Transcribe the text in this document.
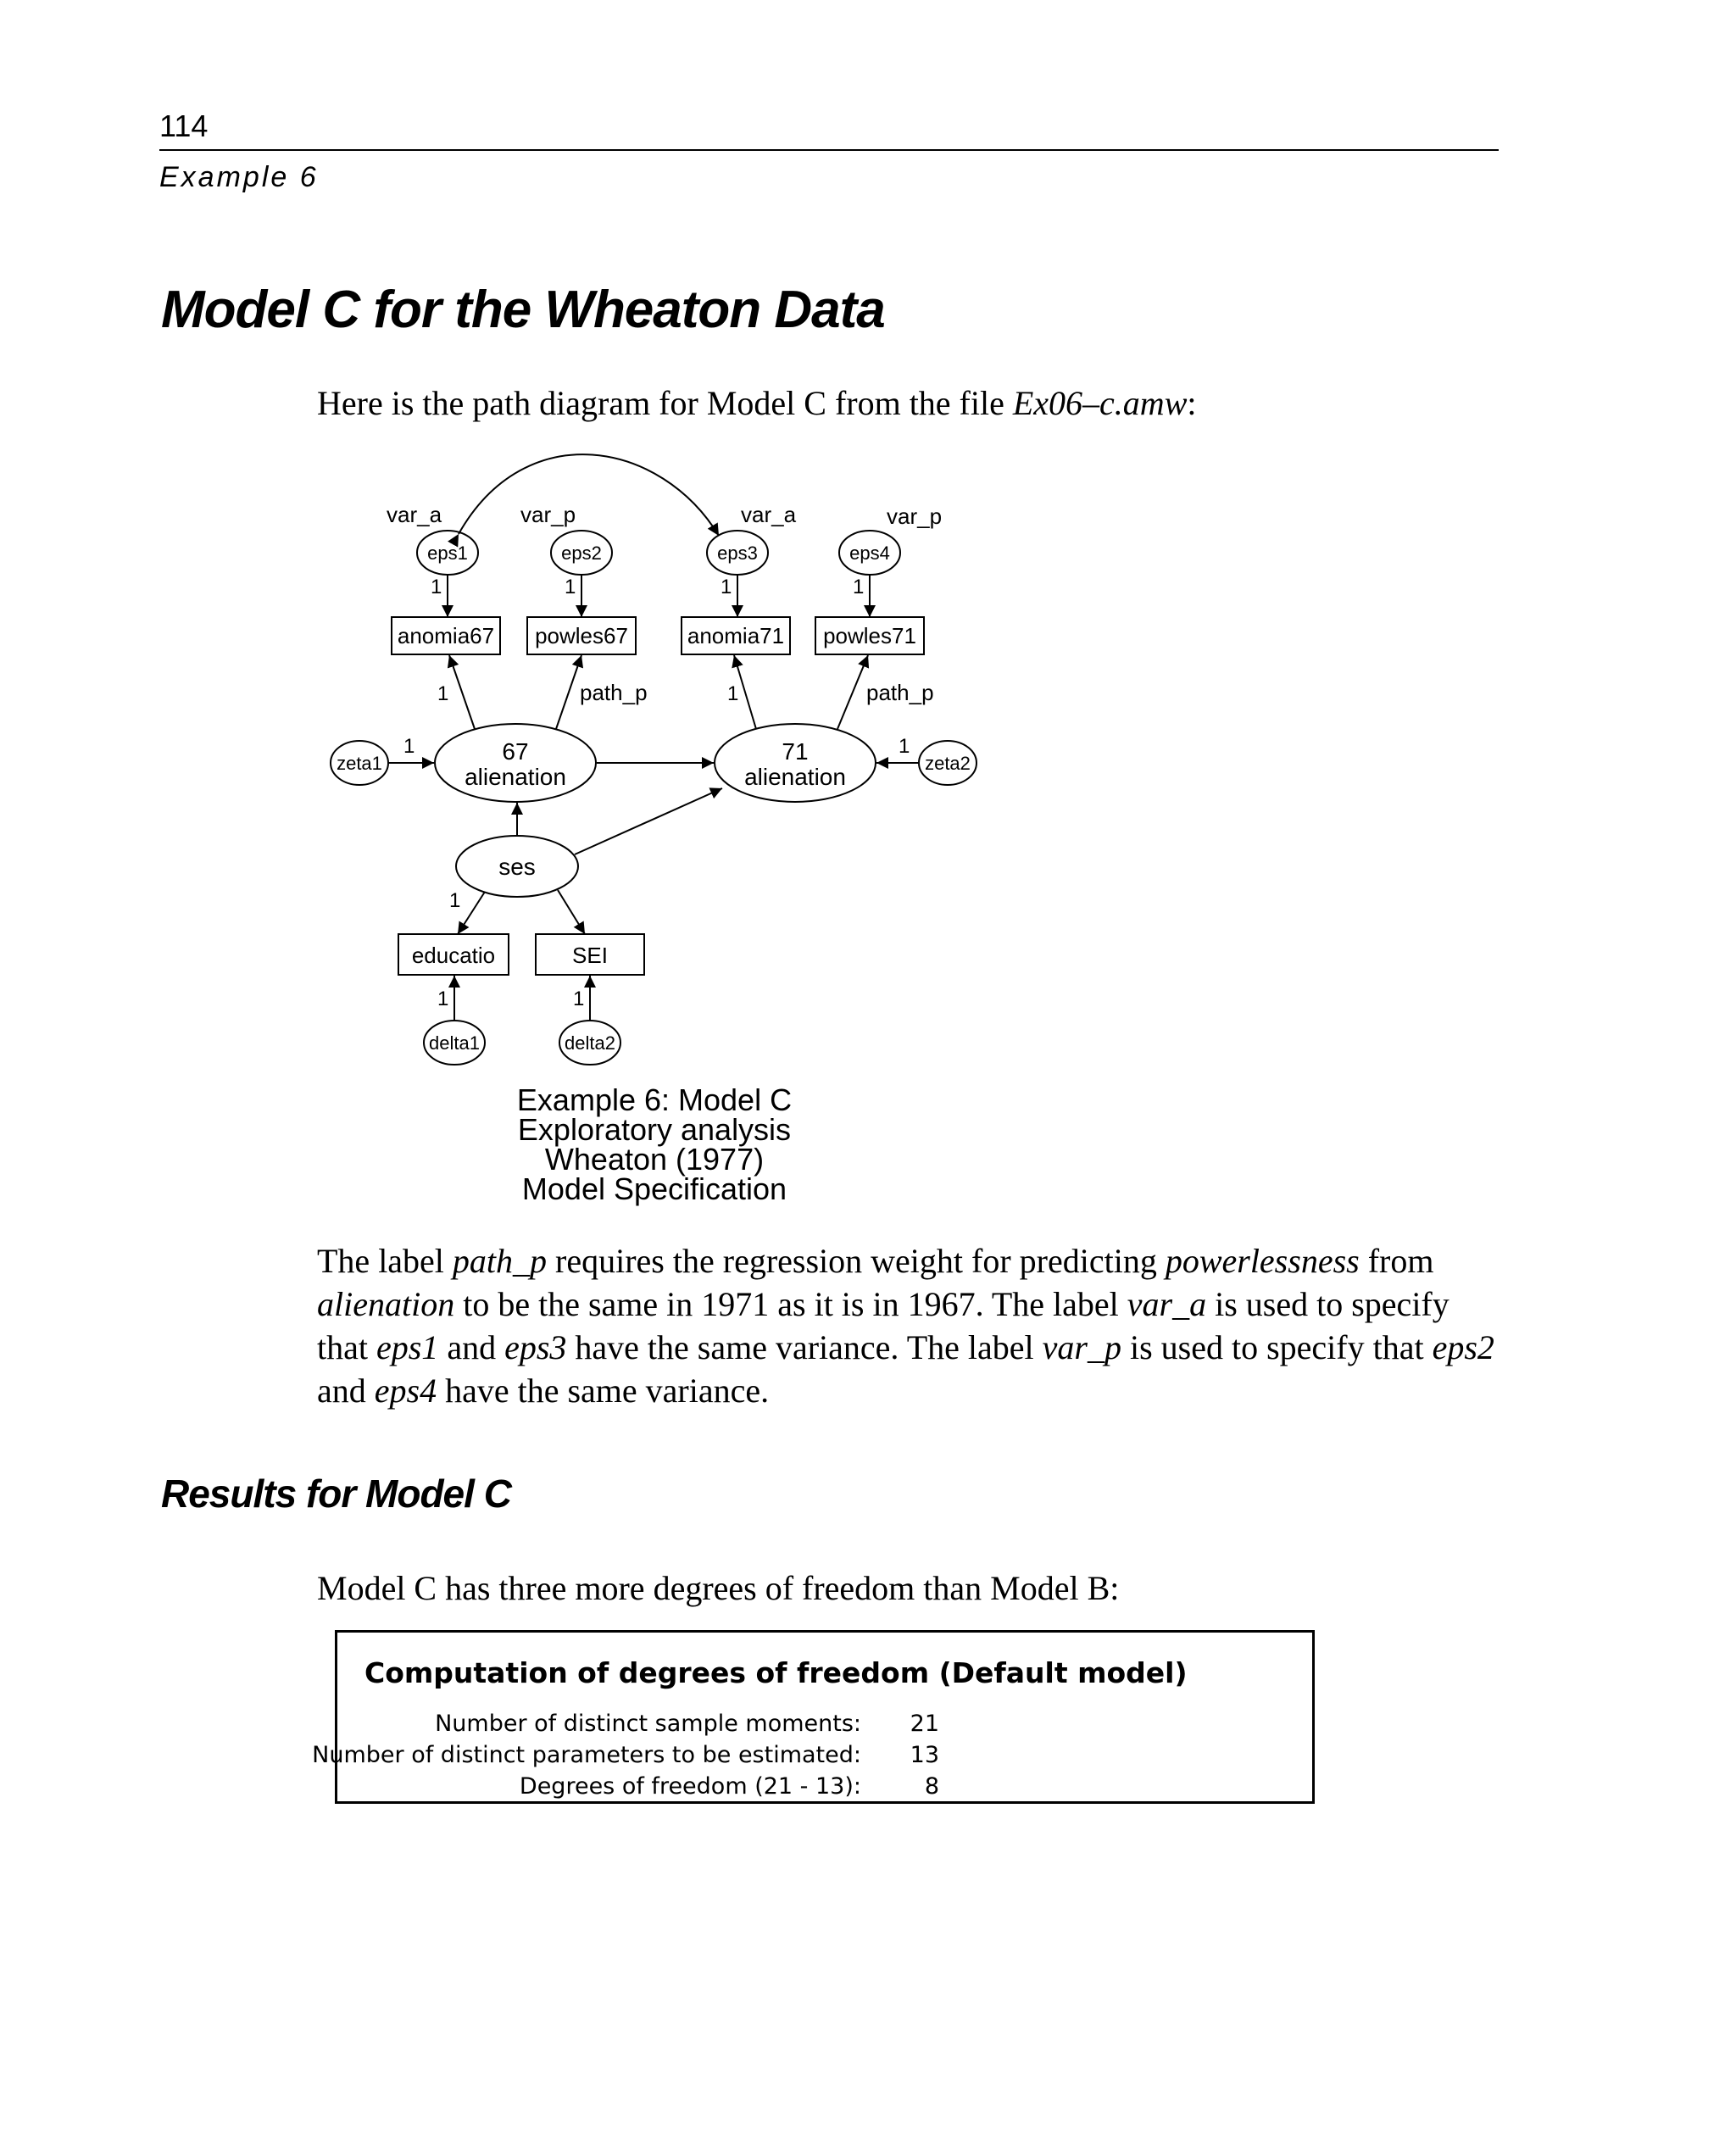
114
Example 6
Model C for the Wheaton Data

Here is the path diagram for Model C from the file Ex06–c.amw:

var_a	var_p	var_a	var_p
eps1	eps2	eps3	eps4
1	1	1	1
anomia67 powles67	anomia71 powles71
1	path_p	1	path_p
67
alienation
71
alienation
ses
zeta1	zeta2
1	1
1
educatio	SEI
1	1
delta1	delta2
Example 6: Model C
Exploratory analysis
Wheaton (1977)
Model Specification

The label path_p requires the regression weight for predicting powerlessness from alienation to be the same in 1971 as it is in 1967. The label var_a is used to specify that eps1 and eps3 have the same variance. The label var_p is used to specify that eps2 and eps4 have the same variance.

Results for Model C

Model C has three more degrees of freedom than Model B:

Computation of degrees of freedom (Default model)
Number of distinct sample moments: 21
Number of distinct parameters to be estimated: 13
Degrees of freedom (21 - 13):	8
